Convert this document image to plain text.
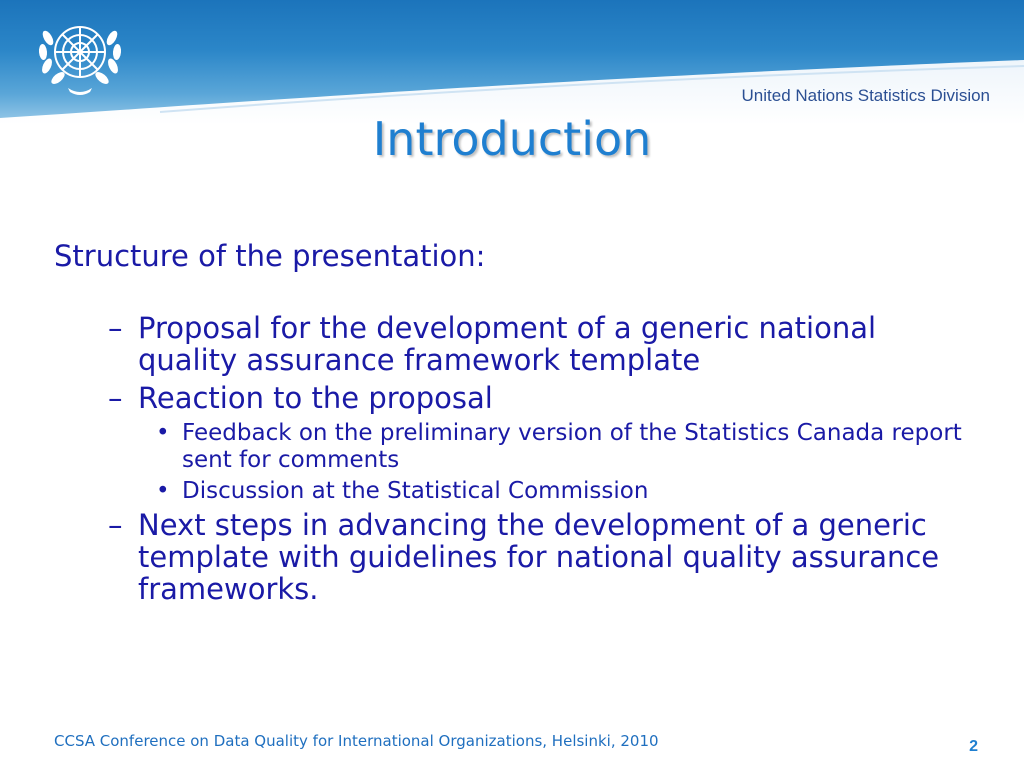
United Nations Statistics Division
Introduction
Structure of the presentation:
– Proposal for the development of a generic national quality assurance framework template
– Reaction to the proposal
• Feedback on the preliminary version of the Statistics Canada report sent for comments
• Discussion at the Statistical Commission
– Next steps in advancing the development of a generic template with guidelines for national quality assurance frameworks.
CCSA Conference on Data Quality for International Organizations, Helsinki, 2010	2
